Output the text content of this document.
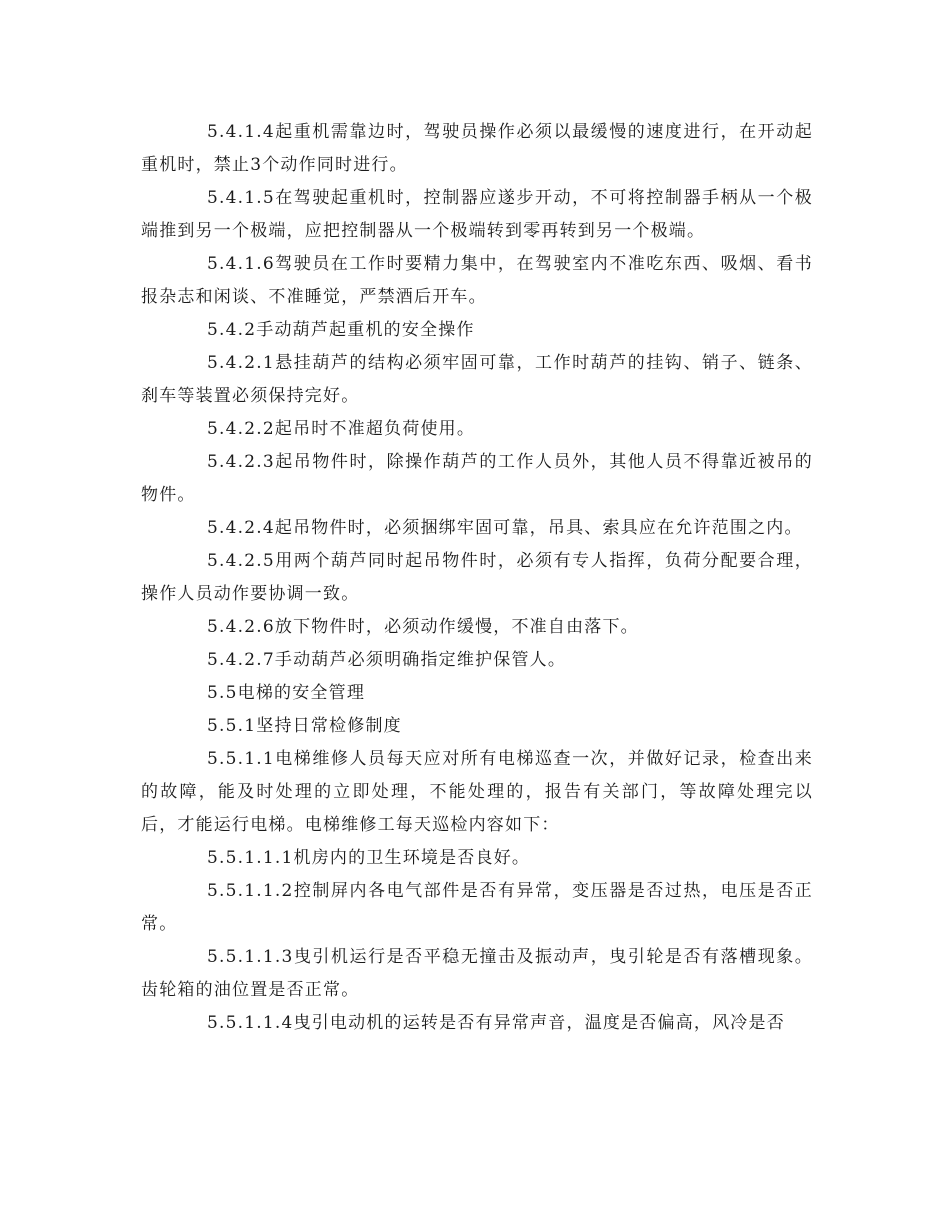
5.4.1.4起重机需靠边时，驾驶员操作必须以最缓慢的速度进行，在开动起重机时，禁止3个动作同时进行。

5.4.1.5在驾驶起重机时，控制器应遂步开动，不可将控制器手柄从一个极端推到另一个极端，应把控制器从一个极端转到零再转到另一个极端。

5.4.1.6驾驶员在工作时要精力集中，在驾驶室内不准吃东西、吸烟、看书报杂志和闲谈、不准睡觉，严禁酒后开车。

5.4.2手动葫芦起重机的安全操作

5.4.2.1悬挂葫芦的结构必须牢固可靠，工作时葫芦的挂钩、销子、链条、刹车等装置必须保持完好。

5.4.2.2起吊时不准超负荷使用。

5.4.2.3起吊物件时，除操作葫芦的工作人员外，其他人员不得靠近被吊的物件。

5.4.2.4起吊物件时，必须捆绑牢固可靠，吊具、索具应在允许范围之内。

5.4.2.5用两个葫芦同时起吊物件时，必须有专人指挥，负荷分配要合理，操作人员动作要协调一致。

5.4.2.6放下物件时，必须动作缓慢，不准自由落下。

5.4.2.7手动葫芦必须明确指定维护保管人。

5.5电梯的安全管理

5.5.1坚持日常检修制度

5.5.1.1电梯维修人员每天应对所有电梯巡查一次，并做好记录，检查出来的故障，能及时处理的立即处理，不能处理的，报告有关部门，等故障处理完以后，才能运行电梯。电梯维修工每天巡检内容如下：

5.5.1.1.1机房内的卫生环境是否良好。

5.5.1.1.2控制屏内各电气部件是否有异常，变压器是否过热，电压是否正常。

5.5.1.1.3曳引机运行是否平稳无撞击及振动声，曳引轮是否有落槽现象。齿轮箱的油位置是否正常。

5.5.1.1.4曳引电动机的运转是否有异常声音，温度是否偏高，风冷是否
